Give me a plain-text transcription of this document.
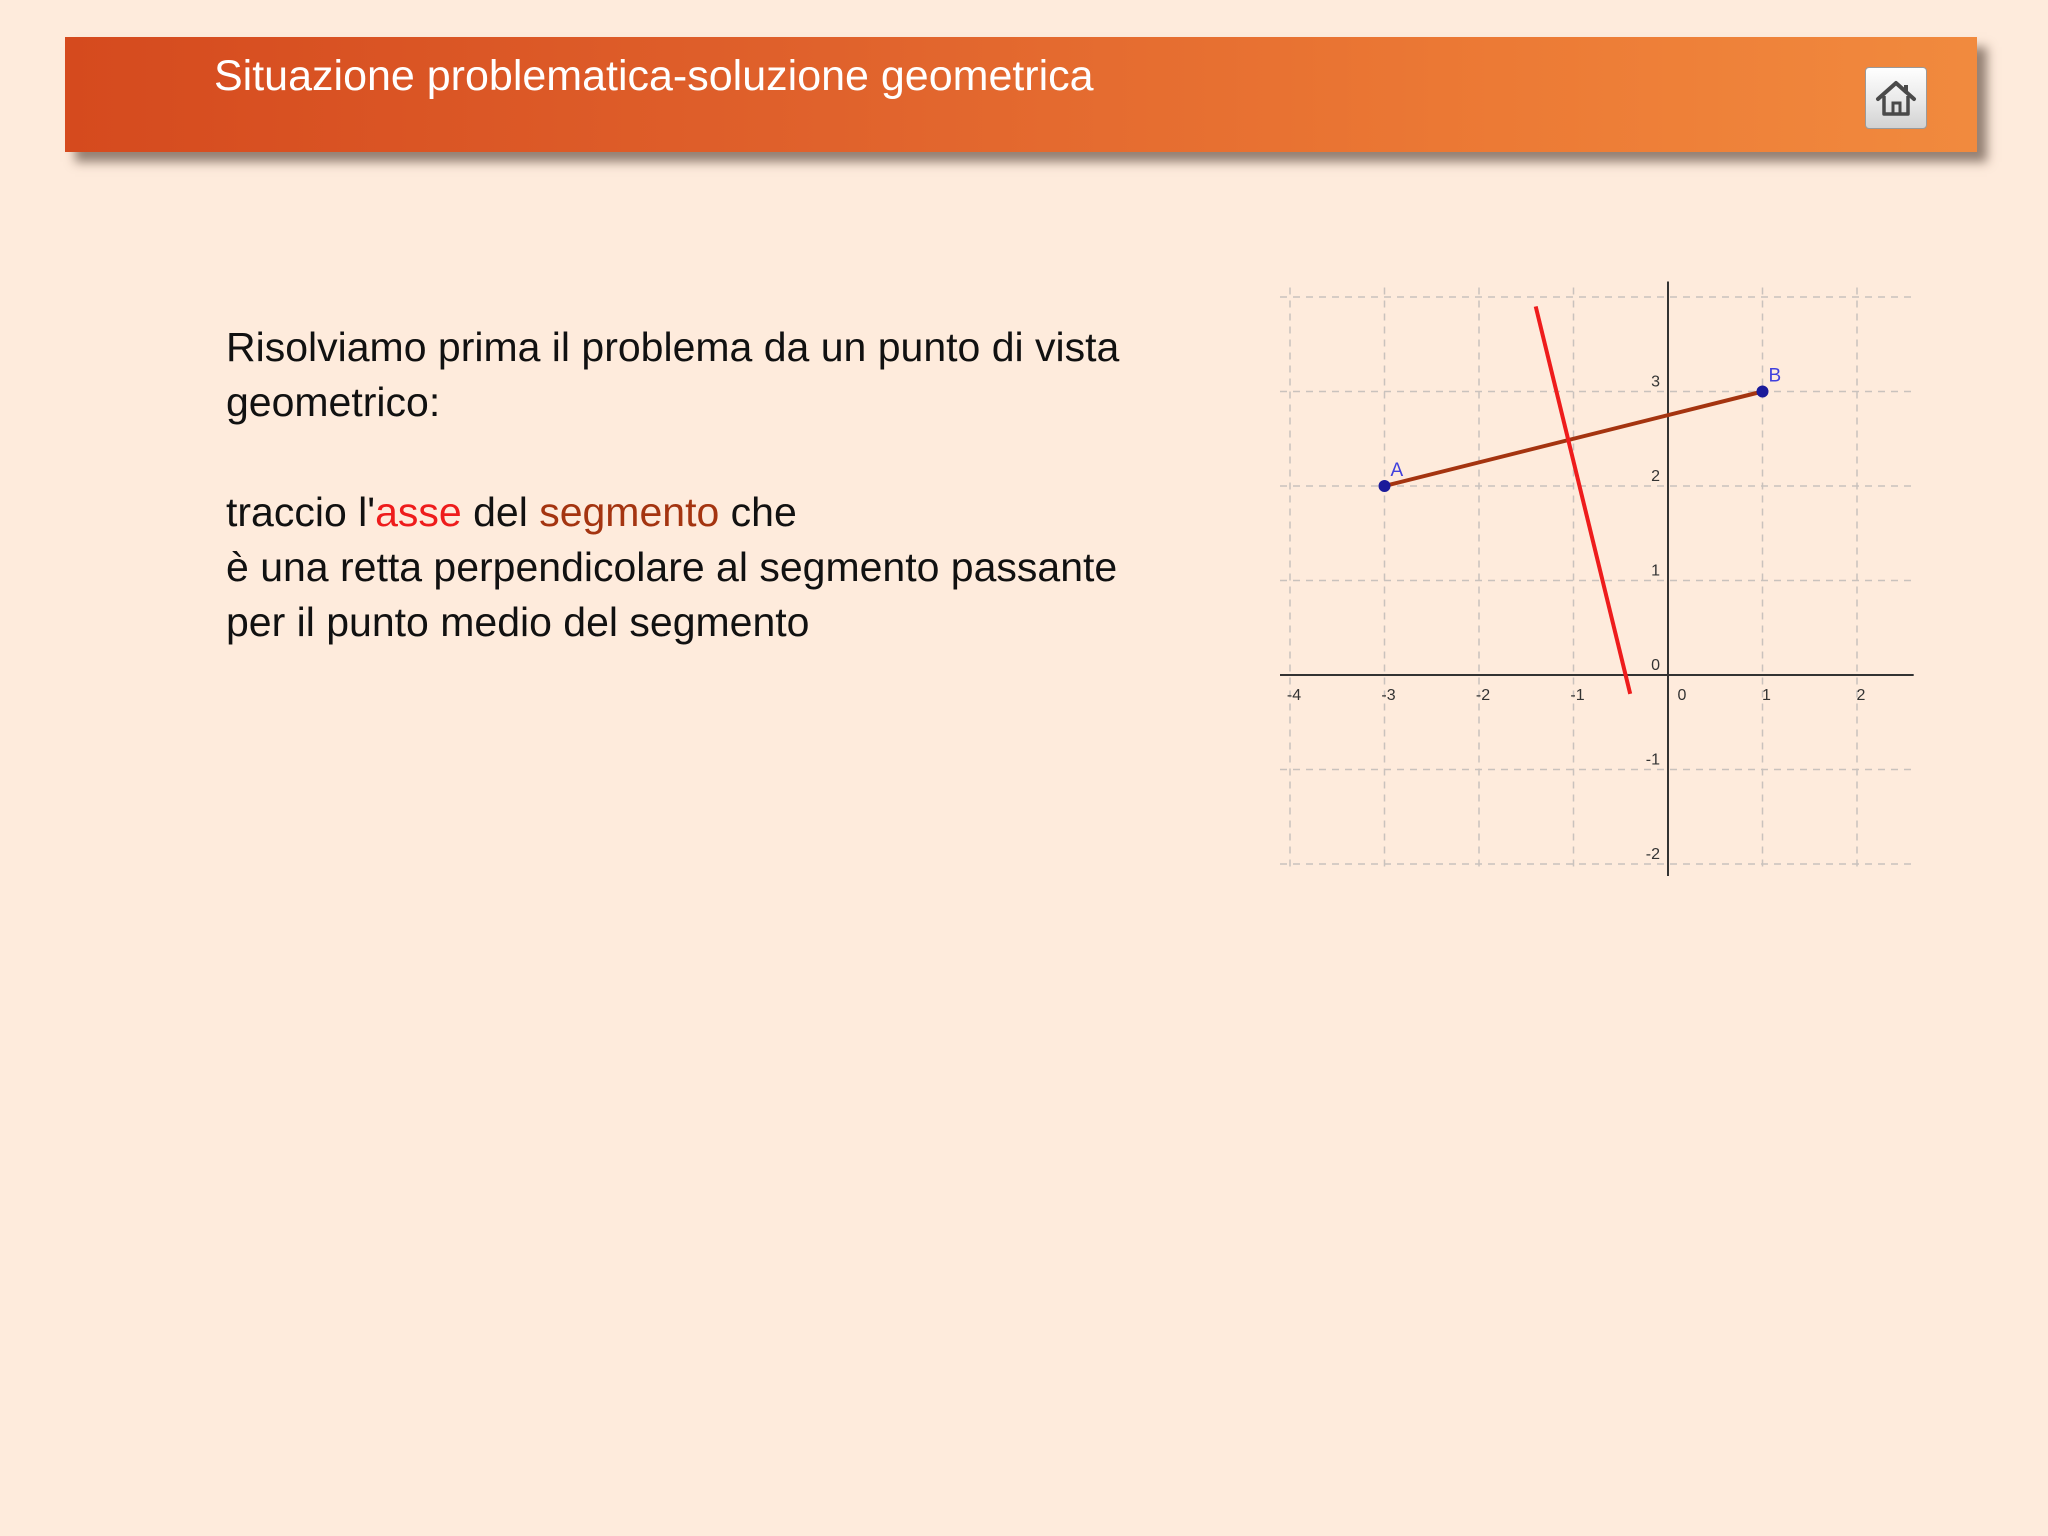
Situazione problematica-soluzione geometrica

Risolviamo prima il problema da un punto di vista

geometrico:

traccio l'asse del segmento che

è una retta perpendicolare al segmento passante

per il punto medio del segmento

-4	-3	-2	-1	0	1	2
-2
-1
0
1
2
3
A
B
